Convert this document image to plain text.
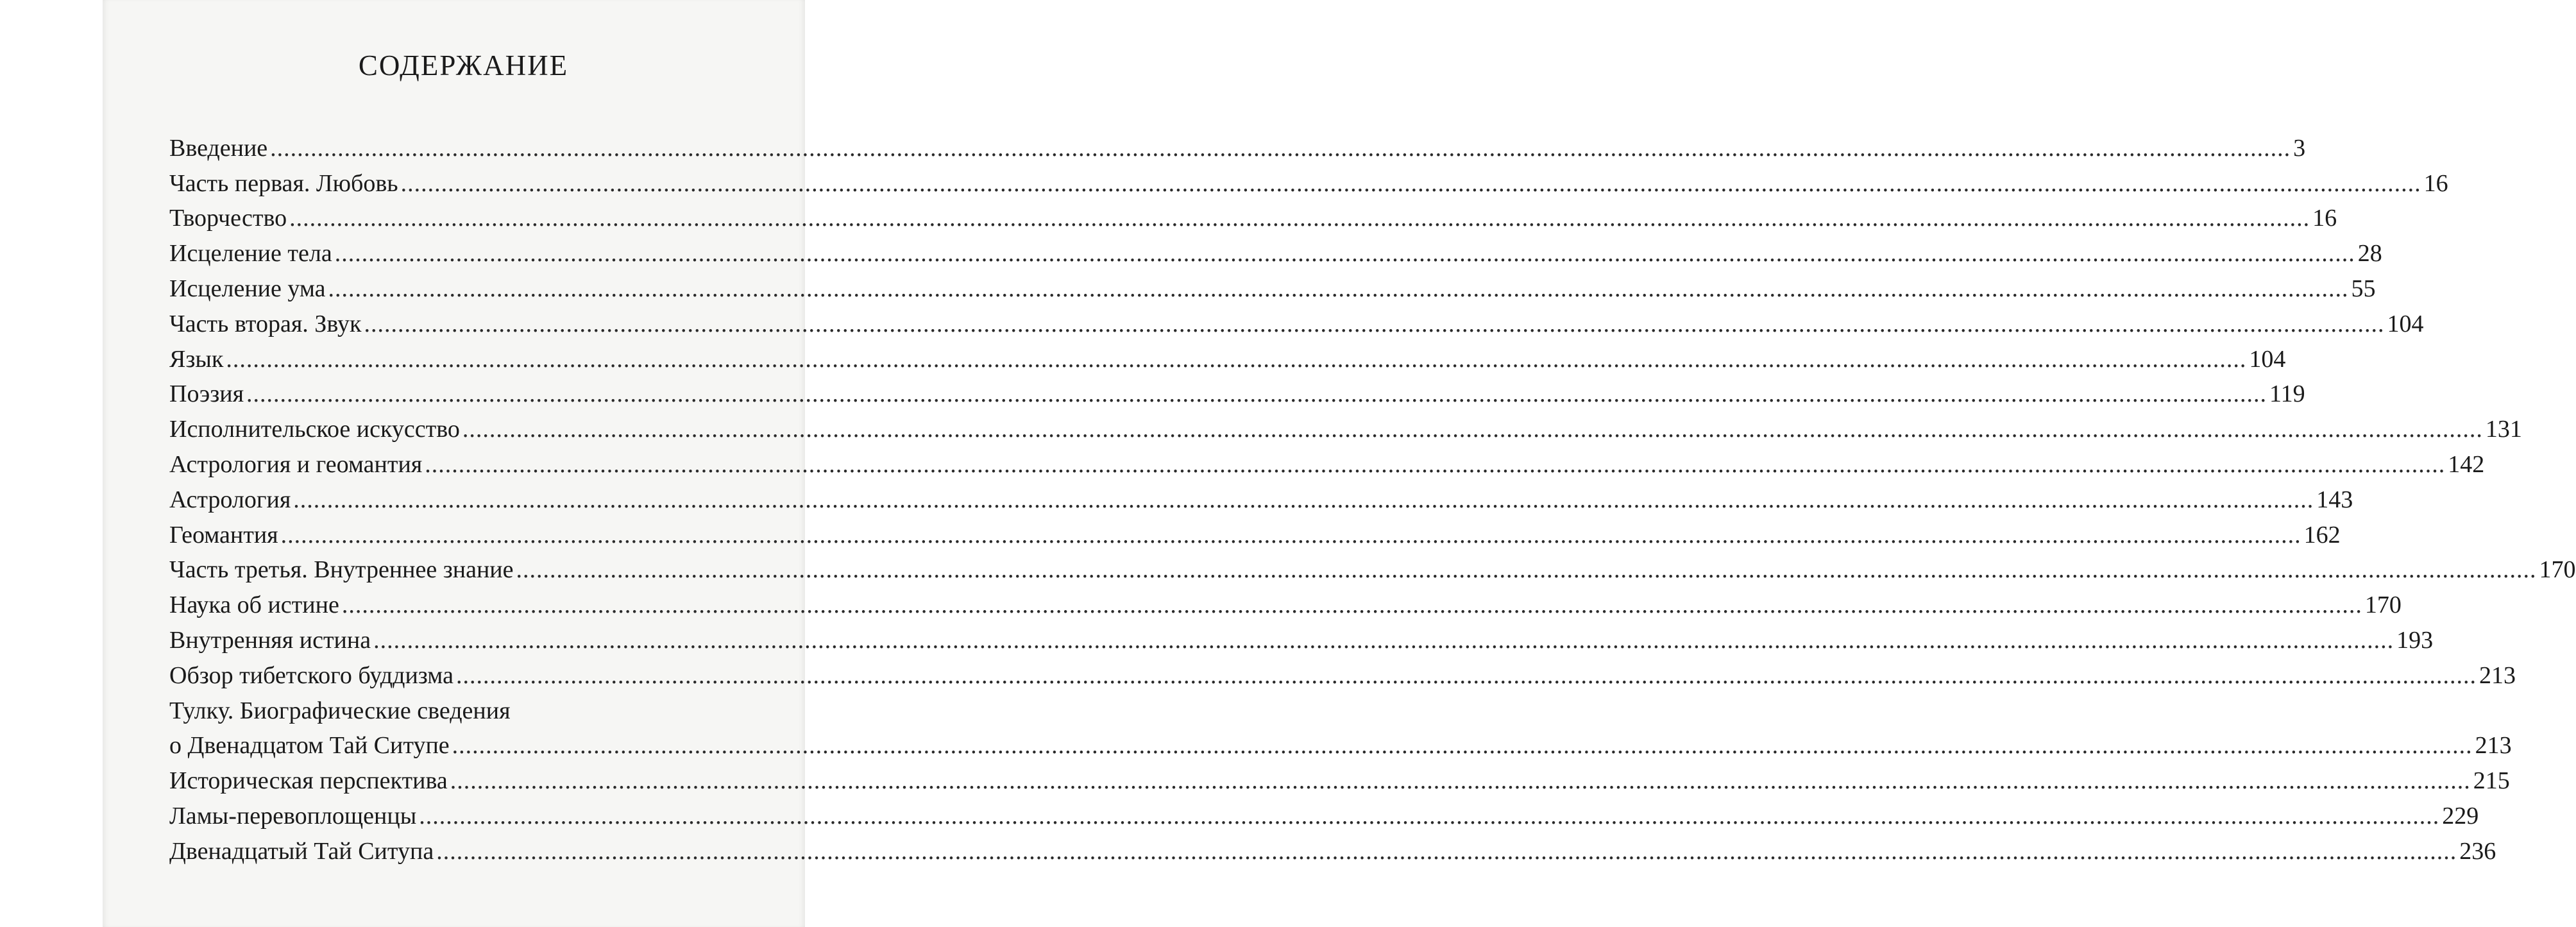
СОДЕРЖАНИЕ
Введение ............................................................................................................................................................................................................................................................................................................ 3
Часть первая. Любовь ............................................................................................................................................................................................................................................................................................................ 16
Творчество ............................................................................................................................................................................................................................................................................................................ 16
Исцеление тела ............................................................................................................................................................................................................................................................................................................ 28
Исцеление ума ............................................................................................................................................................................................................................................................................................................ 55
Часть вторая. Звук ............................................................................................................................................................................................................................................................................................................ 104
Язык ............................................................................................................................................................................................................................................................................................................ 104
Поэзия ............................................................................................................................................................................................................................................................................................................ 119
Исполнительское искусство ............................................................................................................................................................................................................................................................................................................ 131
Астрология и геомантия ............................................................................................................................................................................................................................................................................................................ 142
Астрология ............................................................................................................................................................................................................................................................................................................ 143
Геомантия ............................................................................................................................................................................................................................................................................................................ 162
Часть третья. Внутреннее знание ............................................................................................................................................................................................................................................................................................................ 170
Наука об истине ............................................................................................................................................................................................................................................................................................................ 170
Внутренняя истина ............................................................................................................................................................................................................................................................................................................ 193
Обзор тибетского буддизма ............................................................................................................................................................................................................................................................................................................ 213
Тулку. Биографические сведения
о Двенадцатом Тай Ситупе ............................................................................................................................................................................................................................................................................................................ 213
Историческая перспектива ............................................................................................................................................................................................................................................................................................................ 215
Ламы-перевоплощенцы ............................................................................................................................................................................................................................................................................................................ 229
Двенадцатый Тай Ситупа ............................................................................................................................................................................................................................................................................................................ 236
